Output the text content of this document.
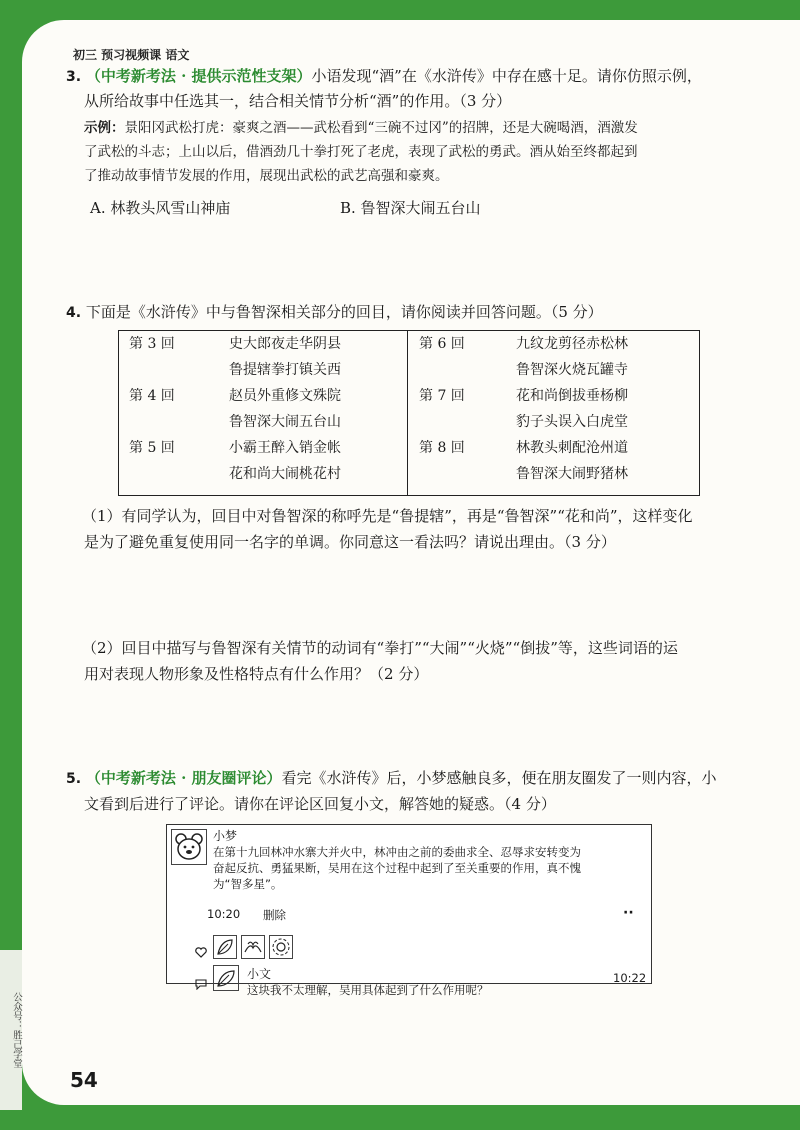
初三 预习视频课 语文
3. （中考新考法 · 提供示范性支架）小语发现“酒”在《水浒传》中存在感十足。请你仿照示例，
从所给故事中任选其一，结合相关情节分析“酒”的作用。（3 分）
示例：景阳冈武松打虎：豪爽之酒——武松看到“三碗不过冈”的招牌，还是大碗喝酒，酒激发
了武松的斗志；上山以后，借酒劲几十拳打死了老虎，表现了武松的勇武。酒从始至终都起到
了推动故事情节发展的作用，展现出武松的武艺高强和豪爽。
A. 林教头风雪山神庙	B. 鲁智深大闹五台山
4. 下面是《水浒传》中与鲁智深相关部分的回目，请你阅读并回答问题。（5 分）
第 3 回	史大郎夜走华阴县
	鲁提辖拳打镇关西
第 4 回	赵员外重修文殊院
	鲁智深大闹五台山
第 5 回	小霸王醉入销金帐
	花和尚大闹桃花村
第 6 回	九纹龙剪径赤松林
	鲁智深火烧瓦罐寺
第 7 回	花和尚倒拔垂杨柳
	豹子头误入白虎堂
第 8 回	林教头刺配沧州道
	鲁智深大闹野猪林
（1）有同学认为，回目中对鲁智深的称呼先是“鲁提辖”，再是“鲁智深”“花和尚”，这样变化
是为了避免重复使用同一名字的单调。你同意这一看法吗？请说出理由。（3 分）
（2）回目中描写与鲁智深有关情节的动词有“拳打”“大闹”“火烧”“倒拔”等，这些词语的运
用对表现人物形象及性格特点有什么作用？（2 分）
5. （中考新考法 · 朋友圈评论）看完《水浒传》后，小梦感触良多，便在朋友圈发了一则内容，小
文看到后进行了评论。请你在评论区回复小文，解答她的疑惑。（4 分）
小梦
在第十九回林冲水寨大并火中，林冲由之前的委曲求全、忍辱求安转变为
奋起反抗、勇猛果断，吴用在这个过程中起到了至关重要的作用，真不愧
为“智多星”。
10:20 删除	··
小文
这块我不太理解，吴用具体起到了什么作用呢？
10:22
54
公众号：胜己学堂
